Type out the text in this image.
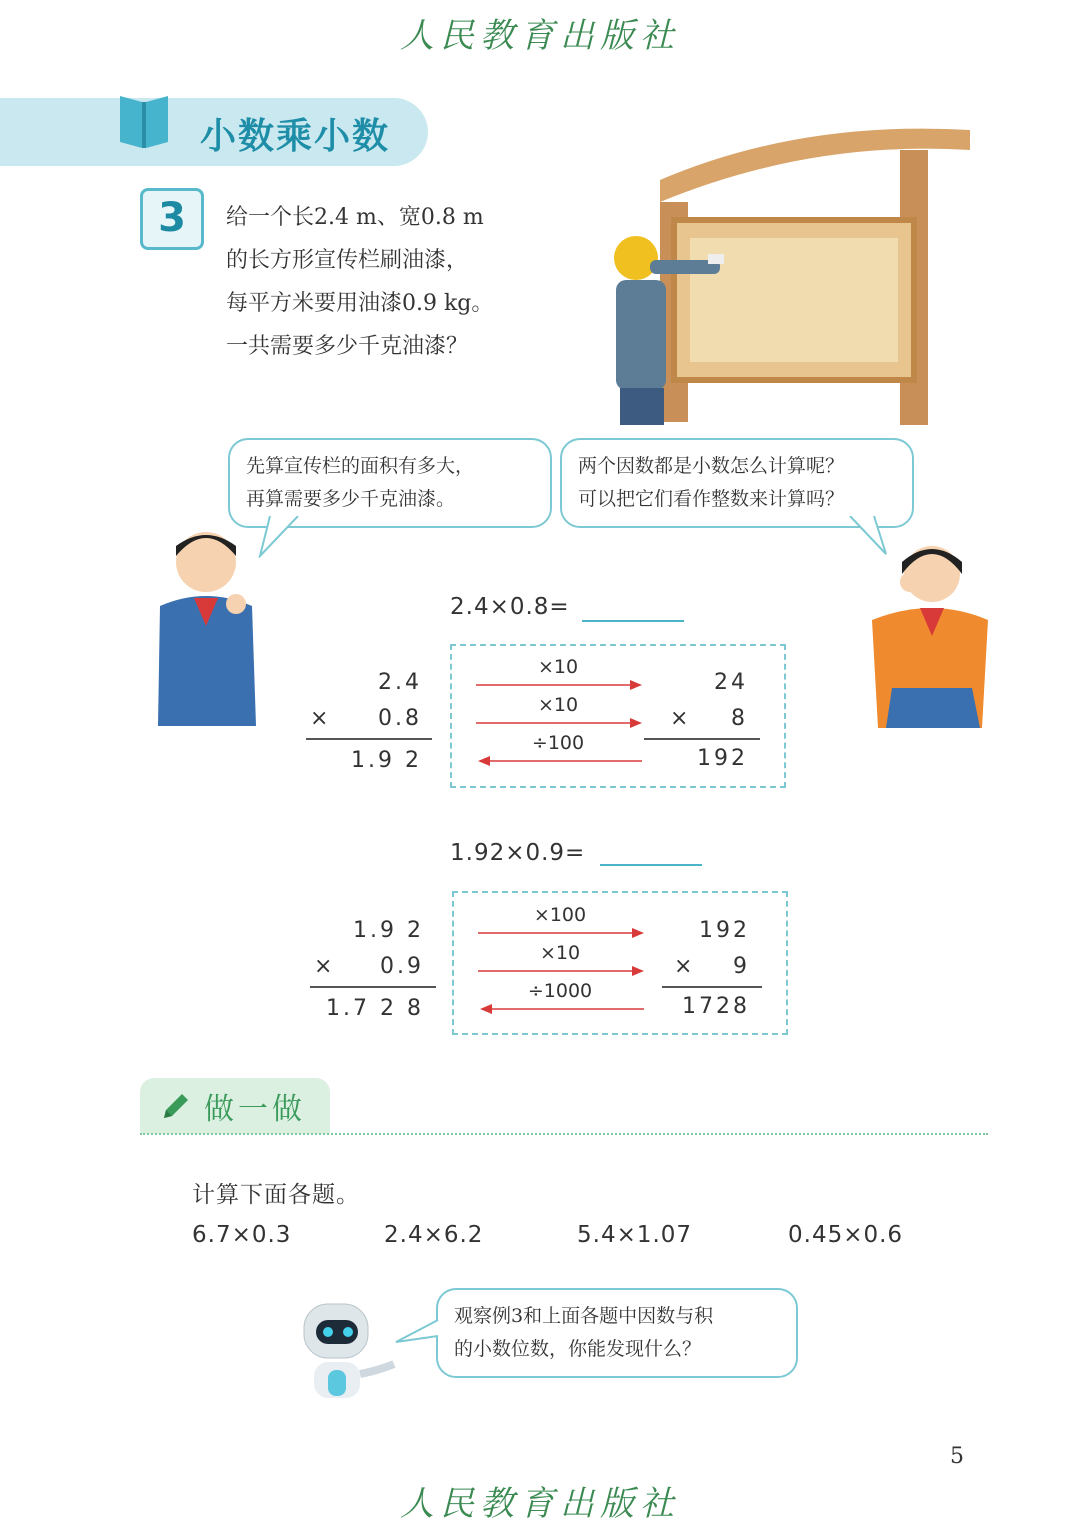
人民教育出版社
小数乘小数
3	给一个长2.4 m、宽0.8 m
的长方形宣传栏刷油漆，
每平方米要用油漆0.9 kg。
一共需要多少千克油漆？
先算宣传栏的面积有多大，
再算需要多少千克油漆。
两个因数都是小数怎么计算呢？
可以把它们看作整数来计算吗？
2.4×0.8=
2.4
×	0.8
1.9 2
×10
×10
÷100
24
×	8
192
1.92×0.9=
1.9 2
×	0.9
1.7 2 8
×100
×10
÷1000
192
×	9
1728
做一做
计算下面各题。
6.7×0.3	2.4×6.2	5.4×1.07	0.45×0.6
观察例3和上面各题中因数与积
的小数位数，你能发现什么？
5
人民教育出版社
